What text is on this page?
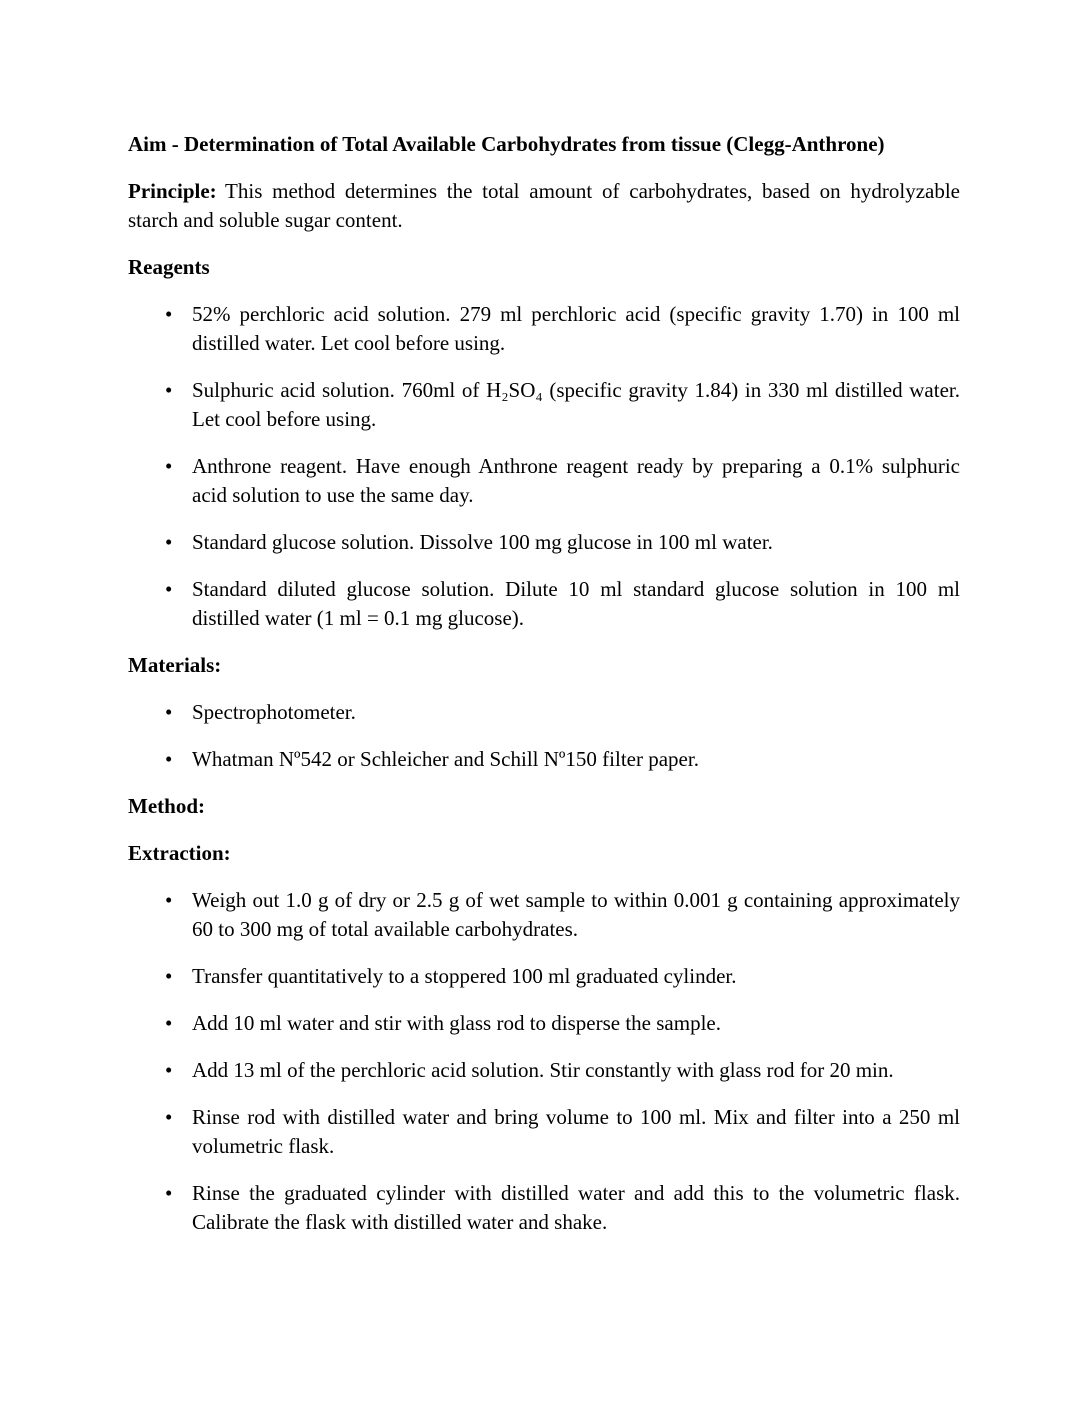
Aim - Determination of Total Available Carbohydrates from tissue (Clegg-Anthrone)

Principle: This method determines the total amount of carbohydrates, based on hydrolyzable starch and soluble sugar content.

Reagents

• 52% perchloric acid solution. 279 ml perchloric acid (specific gravity 1.70) in 100 ml distilled water. Let cool before using.
• Sulphuric acid solution. 760ml of H₂SO₄ (specific gravity 1.84) in 330 ml distilled water. Let cool before using.
• Anthrone reagent. Have enough Anthrone reagent ready by preparing a 0.1% sulphuric acid solution to use the same day.
• Standard glucose solution. Dissolve 100 mg glucose in 100 ml water.
• Standard diluted glucose solution. Dilute 10 ml standard glucose solution in 100 ml distilled water (1 ml = 0.1 mg glucose).

Materials:

• Spectrophotometer.
• Whatman Nº542 or Schleicher and Schill Nº150 filter paper.

Method:

Extraction:

• Weigh out 1.0 g of dry or 2.5 g of wet sample to within 0.001 g containing approximately 60 to 300 mg of total available carbohydrates.
• Transfer quantitatively to a stoppered 100 ml graduated cylinder.
• Add 10 ml water and stir with glass rod to disperse the sample.
• Add 13 ml of the perchloric acid solution. Stir constantly with glass rod for 20 min.
• Rinse rod with distilled water and bring volume to 100 ml. Mix and filter into a 250 ml volumetric flask.
• Rinse the graduated cylinder with distilled water and add this to the volumetric flask. Calibrate the flask with distilled water and shake.
